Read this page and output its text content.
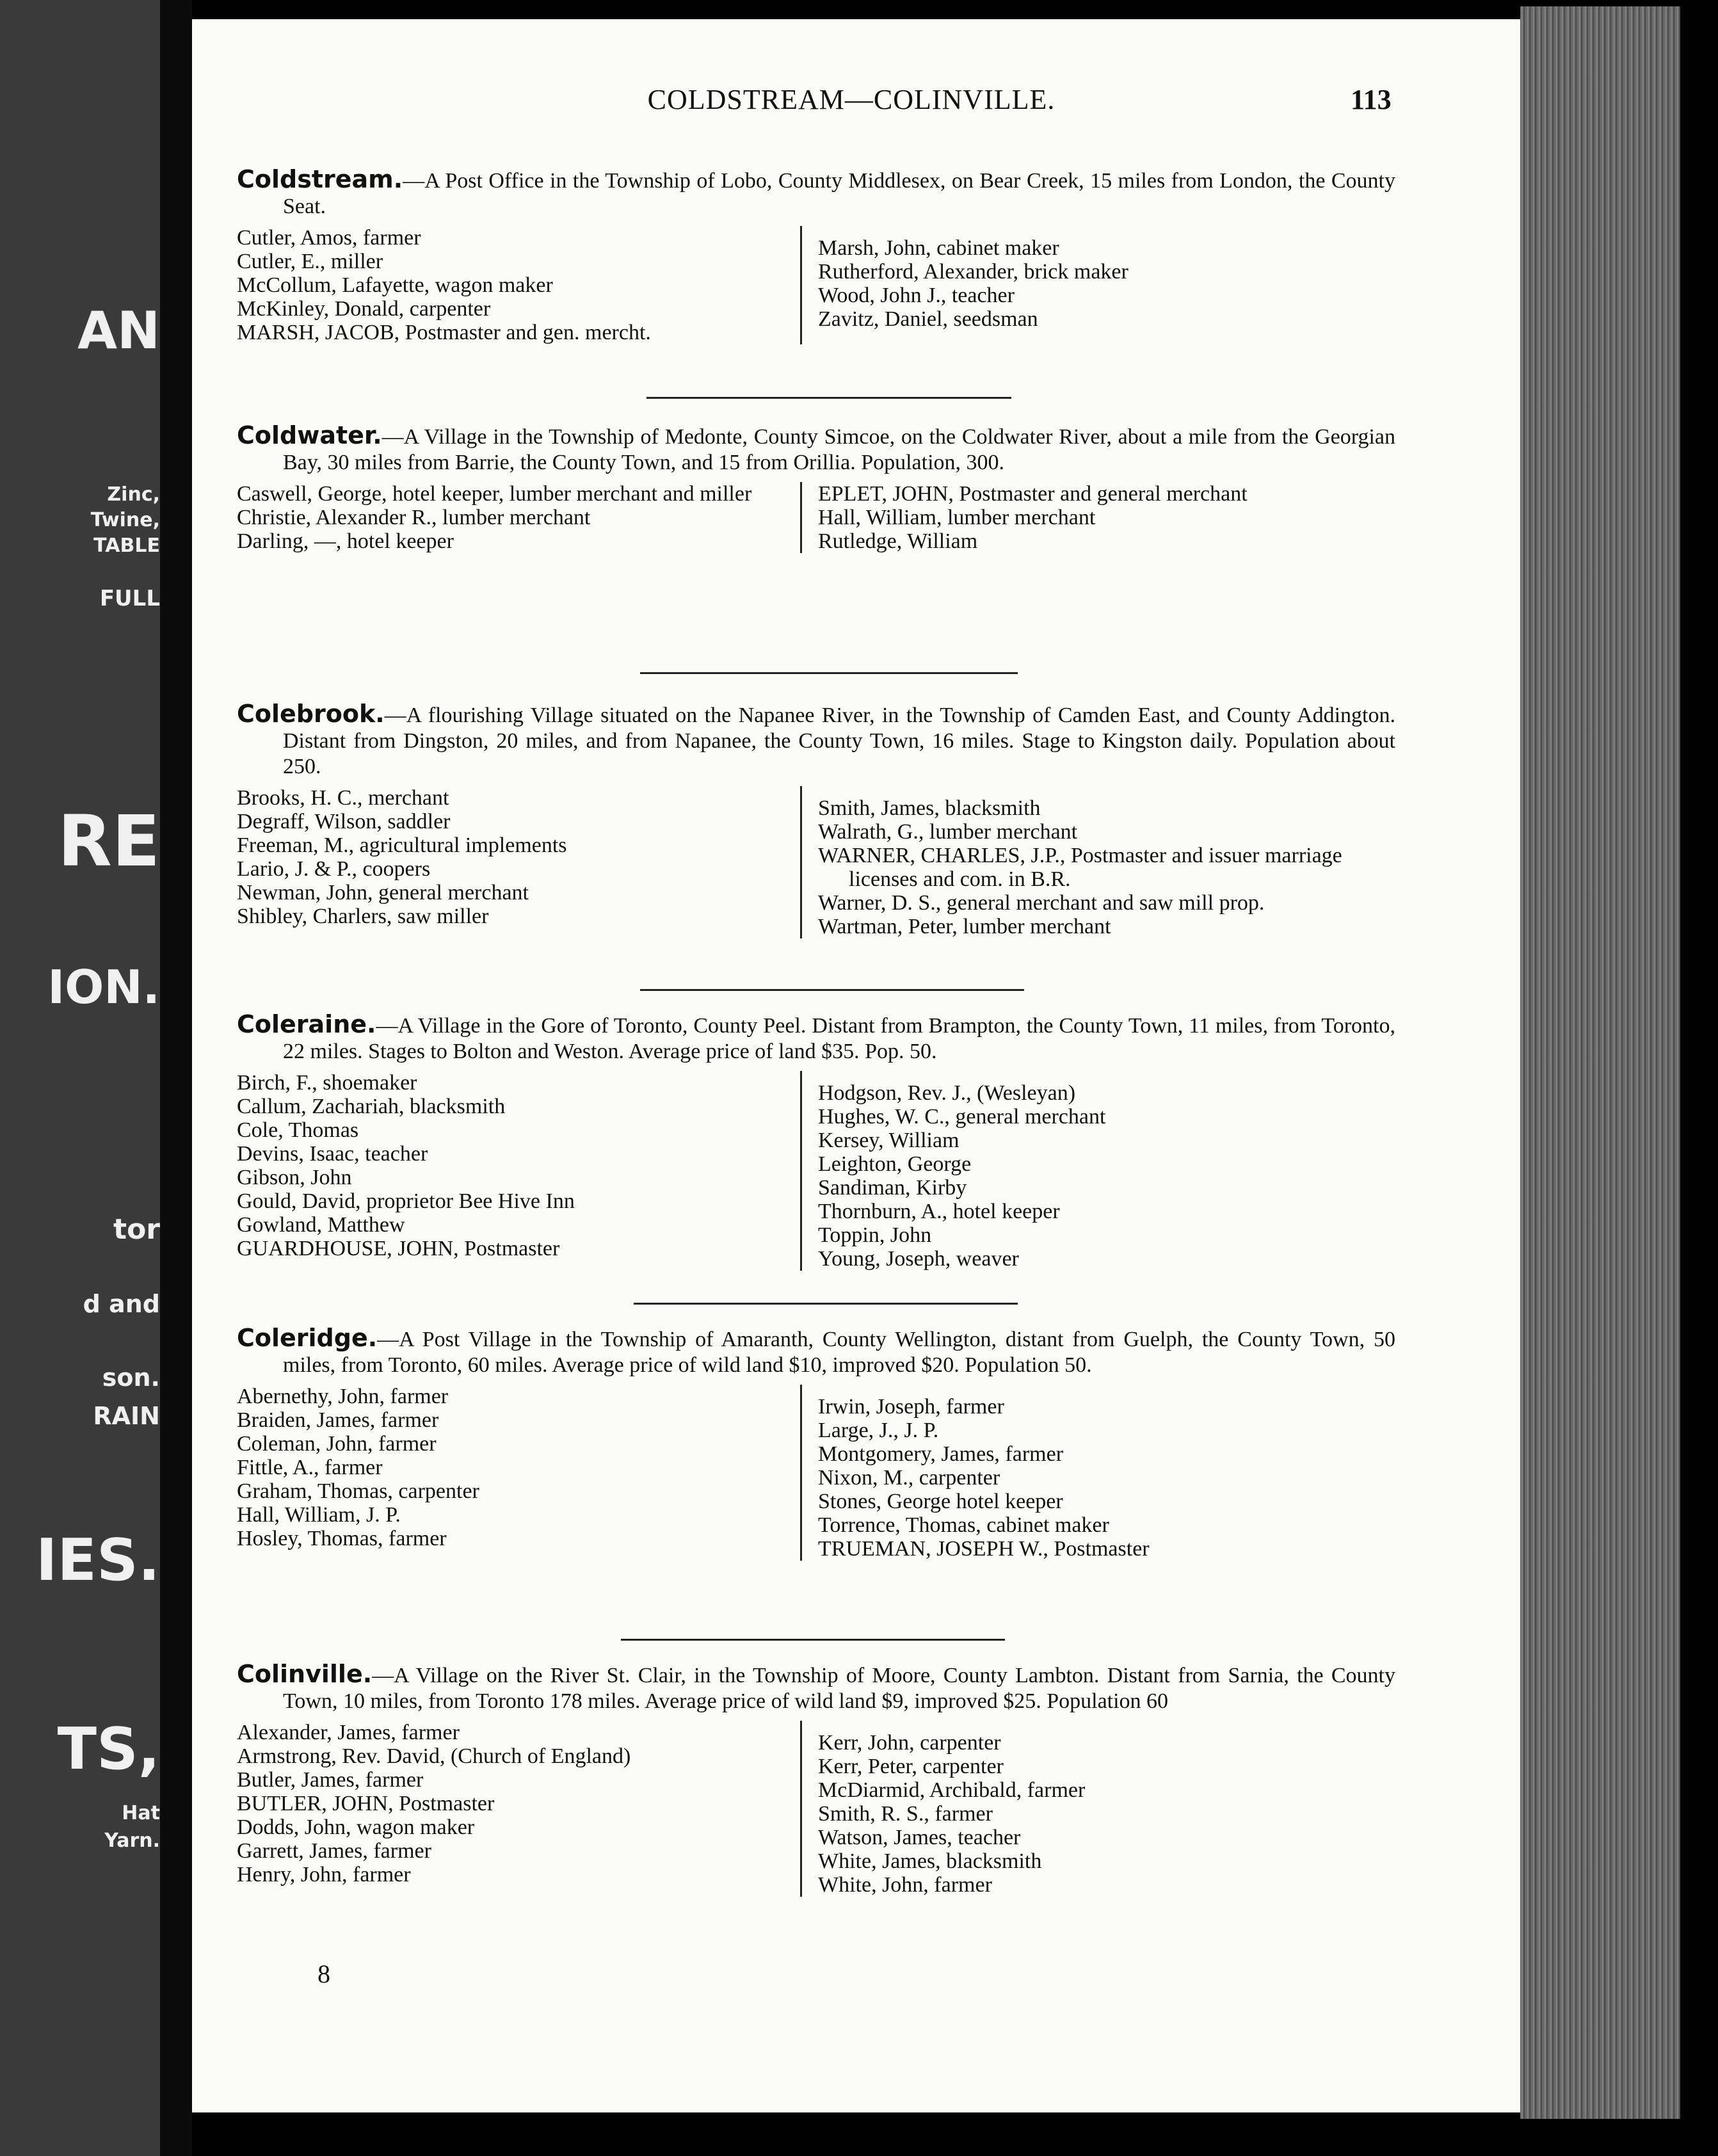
AN
Zinc,
Twine,
TABLE
FULL
RE
ION.
tor
d and
son.
RAIN
IES.
TS,
Hat
Yarn.
COLDSTREAM—COLINVILLE.	113
Coldstream.—A Post Office in the Township of Lobo, County Middlesex, on Bear Creek, 15 miles from London, the County Seat.
Cutler, Amos, farmer
Cutler, E., miller
McCollum, Lafayette, wagon maker
McKinley, Donald, carpenter
MARSH, JACOB, Postmaster and gen. mercht.
Marsh, John, cabinet maker
Rutherford, Alexander, brick maker
Wood, John J., teacher
Zavitz, Daniel, seedsman
Coldwater.—A Village in the Township of Medonte, County Simcoe, on the Coldwater River, about a mile from the Georgian Bay, 30 miles from Barrie, the County Town, and 15 from Orillia. Population, 300.
Caswell, George, hotel keeper, lumber merchant and miller
Christie, Alexander R., lumber merchant
Darling, —, hotel keeper
EPLET, JOHN, Postmaster and general merchant
Hall, William, lumber merchant
Rutledge, William
Colebrook.—A flourishing Village situated on the Napanee River, in the Township of Camden East, and County Addington. Distant from Dingston, 20 miles, and from Napanee, the County Town, 16 miles. Stage to Kingston daily. Population about 250.
Brooks, H. C., merchant
Degraff, Wilson, saddler
Freeman, M., agricultural implements
Lario, J. & P., coopers
Newman, John, general merchant
Shibley, Charlers, saw miller
Smith, James, blacksmith
Walrath, G., lumber merchant
WARNER, CHARLES, J.P., Postmaster and issuer marriage licenses and com. in B.R.
Warner, D. S., general merchant and saw mill prop.
Wartman, Peter, lumber merchant
Coleraine.—A Village in the Gore of Toronto, County Peel. Distant from Brampton, the County Town, 11 miles, from Toronto, 22 miles. Stages to Bolton and Weston. Average price of land $35. Pop. 50.
Birch, F., shoemaker
Callum, Zachariah, blacksmith
Cole, Thomas
Devins, Isaac, teacher
Gibson, John
Gould, David, proprietor Bee Hive Inn
Gowland, Matthew
GUARDHOUSE, JOHN, Postmaster
Hodgson, Rev. J., (Wesleyan)
Hughes, W. C., general merchant
Kersey, William
Leighton, George
Sandiman, Kirby
Thornburn, A., hotel keeper
Toppin, John
Young, Joseph, weaver
Coleridge.—A Post Village in the Township of Amaranth, County Wellington, distant from Guelph, the County Town, 50 miles, from Toronto, 60 miles. Average price of wild land $10, improved $20. Population 50.
Abernethy, John, farmer
Braiden, James, farmer
Coleman, John, farmer
Fittle, A., farmer
Graham, Thomas, carpenter
Hall, William, J. P.
Hosley, Thomas, farmer
Irwin, Joseph, farmer
Large, J., J. P.
Montgomery, James, farmer
Nixon, M., carpenter
Stones, George hotel keeper
Torrence, Thomas, cabinet maker
TRUEMAN, JOSEPH W., Postmaster
Colinville.—A Village on the River St. Clair, in the Township of Moore, County Lambton. Distant from Sarnia, the County Town, 10 miles, from Toronto 178 miles. Average price of wild land $9, improved $25. Population 60
Alexander, James, farmer
Armstrong, Rev. David, (Church of England)
Butler, James, farmer
BUTLER, JOHN, Postmaster
Dodds, John, wagon maker
Garrett, James, farmer
Henry, John, farmer
Kerr, John, carpenter
Kerr, Peter, carpenter
McDiarmid, Archibald, farmer
Smith, R. S., farmer
Watson, James, teacher
White, James, blacksmith
White, John, farmer
8
